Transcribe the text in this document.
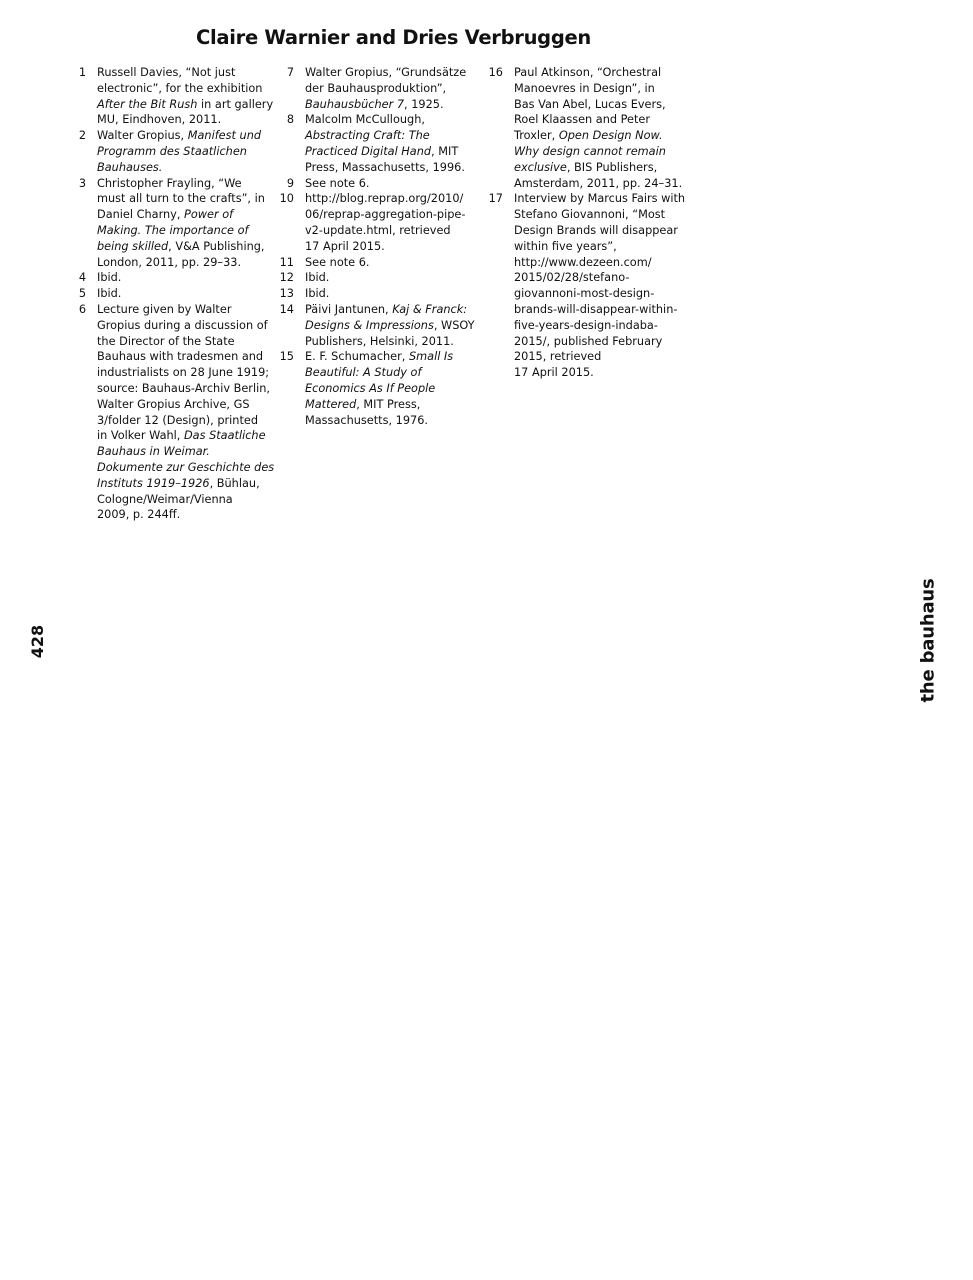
Claire Warnier and Dries Verbruggen
1 Russell Davies, “Not just
electronic”, for the exhibition
After the Bit Rush in art gallery
MU, Eindhoven, 2011.
2 Walter Gropius, Manifest und
Programm des Staatlichen
Bauhauses.
3 Christopher Frayling, “We
must all turn to the crafts”, in
Daniel Charny, Power of
Making. The importance of
being skilled, V&A Publishing,
London, 2011, pp. 29–33.
4 Ibid.
5 Ibid.
6 Lecture given by Walter
Gropius during a discussion of
the Director of the State
Bauhaus with tradesmen and
industrialists on 28 June 1919;
source: Bauhaus-Archiv Berlin,
Walter Gropius Archive, GS
3/folder 12 (Design), printed
in Volker Wahl, Das Staatliche
Bauhaus in Weimar.
Dokumente zur Geschichte des
Instituts 1919–1926, Bühlau,
Cologne/Weimar/Vienna
2009, p. 244ff.
7 Walter Gropius, “Grundsätze
der Bauhausproduktion”,
Bauhausbücher 7, 1925.
8 Malcolm McCullough,
Abstracting Craft: The
Practiced Digital Hand, MIT
Press, Massachusetts, 1996.
9 See note 6.
10 http://blog.reprap.org/2010/
06/reprap-aggregation-pipe-
v2-update.html, retrieved
17 April 2015.
11 See note 6.
12 Ibid.
13 Ibid.
14 Päivi Jantunen, Kaj & Franck:
Designs & Impressions, WSOY
Publishers, Helsinki, 2011.
15 E. F. Schumacher, Small Is
Beautiful: A Study of
Economics As If People
Mattered, MIT Press,
Massachusetts, 1976.
16 Paul Atkinson, “Orchestral
Manoevres in Design”, in
Bas Van Abel, Lucas Evers,
Roel Klaassen and Peter
Troxler, Open Design Now.
Why design cannot remain
exclusive, BIS Publishers,
Amsterdam, 2011, pp. 24–31.
17 Interview by Marcus Fairs with
Stefano Giovannoni, “Most
Design Brands will disappear
within five years”,
http://www.dezeen.com/
2015/02/28/stefano-
giovannoni-most-design-
brands-will-disappear-within-
five-years-design-indaba-
2015/, published February
2015, retrieved
17 April 2015.
428	the bauhaus
